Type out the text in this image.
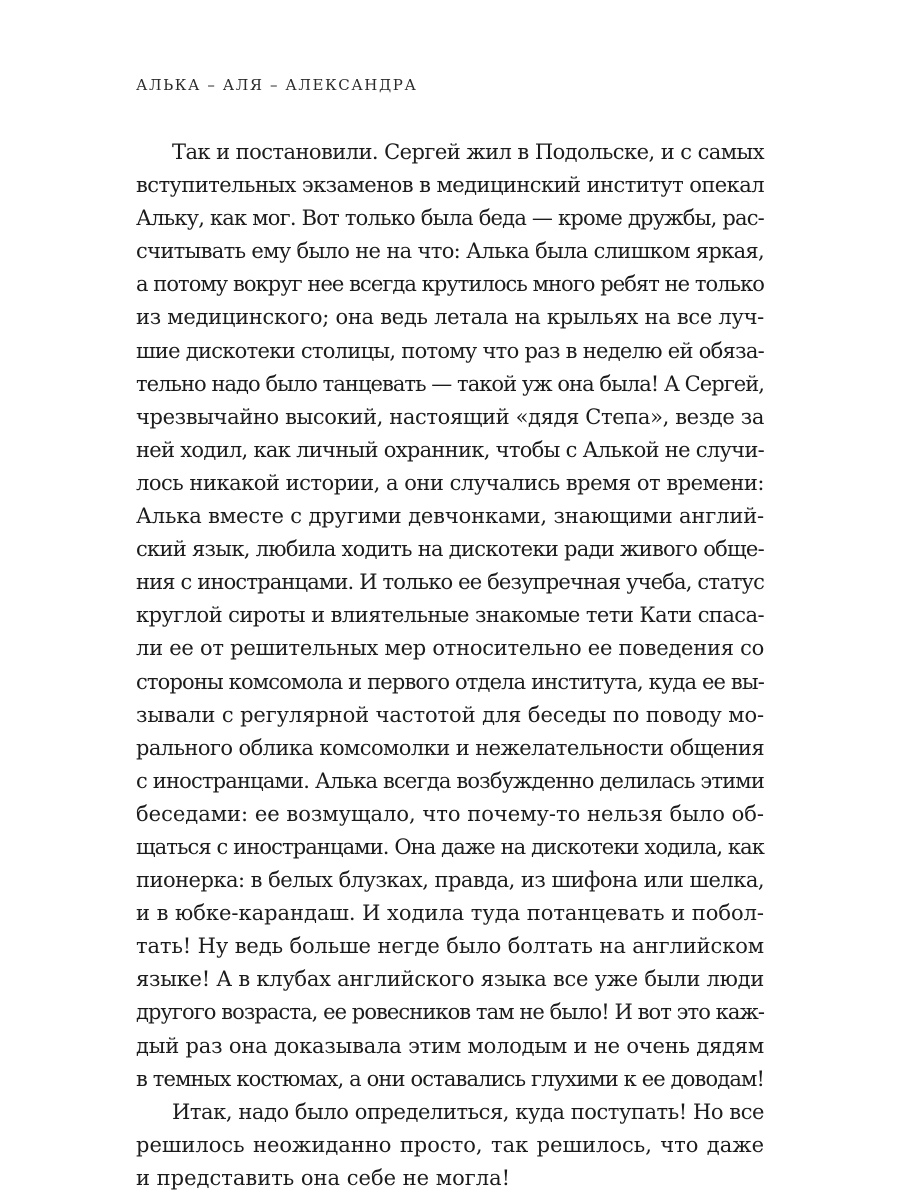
АЛЬКА – АЛЯ – АЛЕКСАНДРА
Так и постановили. Сергей жил в Подольске, и с самых
вступительных экзаменов в медицинский институт опекал
Альку, как мог. Вот только была беда — кроме дружбы, рас-
считывать ему было не на что: Алька была слишком яркая,
а потому вокруг нее всегда крутилось много ребят не только
из медицинского; она ведь летала на крыльях на все луч-
шие дискотеки столицы, потому что раз в неделю ей обяза-
тельно надо было танцевать — такой уж она была! А Сергей,
чрезвычайно высокий, настоящий «дядя Степа», везде за
ней ходил, как личный охранник, чтобы с Алькой не случи-
лось никакой истории, а они случались время от времени:
Алька вместе с другими девчонками, знающими англий-
ский язык, любила ходить на дискотеки ради живого обще-
ния с иностранцами. И только ее безупречная учеба, статус
круглой сироты и влиятельные знакомые тети Кати спаса-
ли ее от решительных мер относительно ее поведения со
стороны комсомола и первого отдела института, куда ее вы-
зывали с регулярной частотой для беседы по поводу мо-
рального облика комсомолки и нежелательности общения
с иностранцами. Алька всегда возбужденно делилась этими
беседами: ее возмущало, что почему-то нельзя было об-
щаться с иностранцами. Она даже на дискотеки ходила, как
пионерка: в белых блузках, правда, из шифона или шелка,
и в юбке-карандаш. И ходила туда потанцевать и побол-
тать! Ну ведь больше негде было болтать на английском
языке! А в клубах английского языка все уже были люди
другого возраста, ее ровесников там не было! И вот это каж-
дый раз она доказывала этим молодым и не очень дядям
в темных костюмах, а они оставались глухими к ее доводам!
Итак, надо было определиться, куда поступать! Но все
решилось неожиданно просто, так решилось, что даже
и представить она себе не могла!
